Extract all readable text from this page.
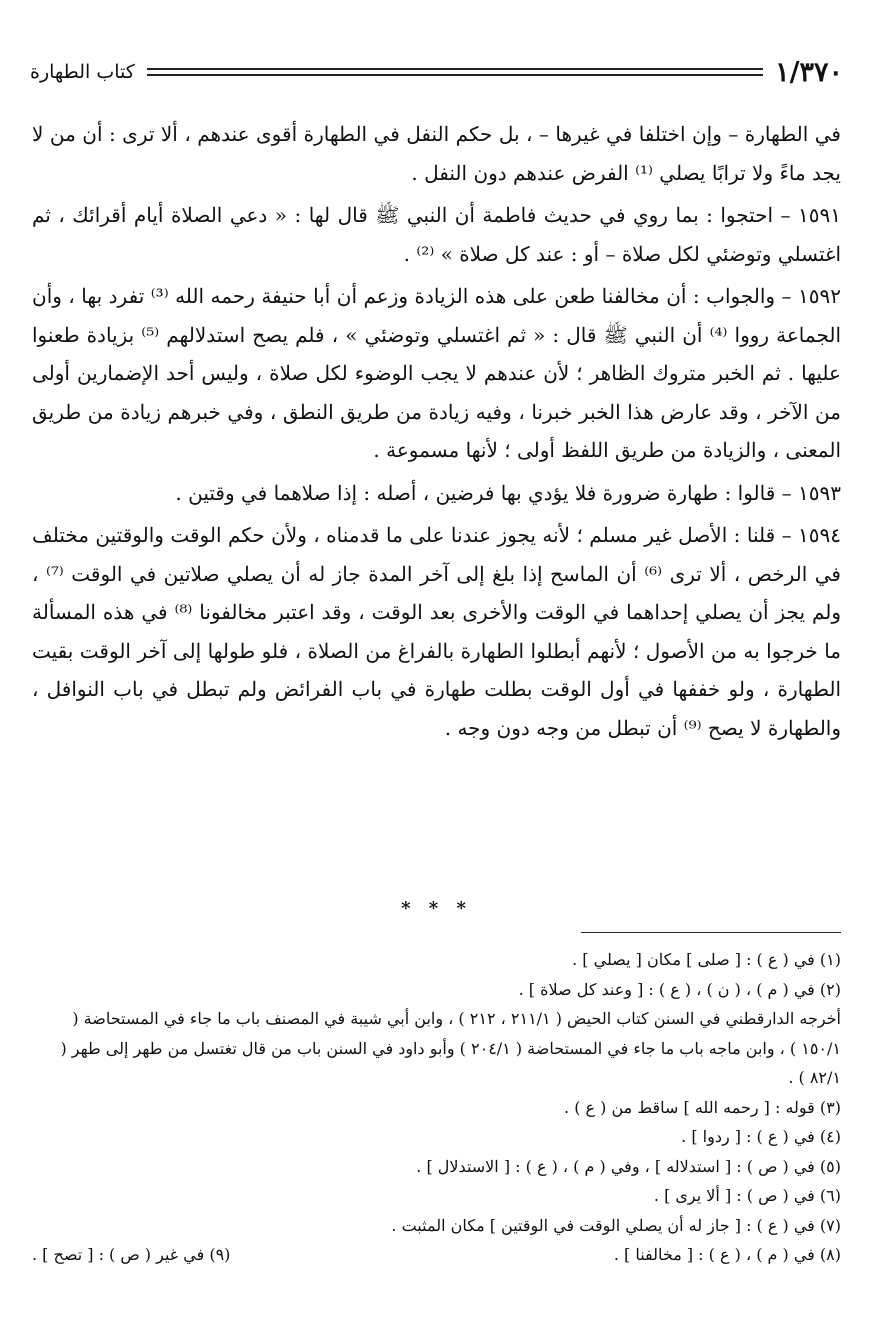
١/٣٧٠
كتاب الطهارة

في الطهارة – وإن اختلفا في غيرها – ، بل حكم النفل في الطهارة أقوى عندهم ، ألا ترى : أن من لا يجد ماءً ولا ترابًا يصلي ⁽¹⁾ الفرض عندهم دون النفل .

١٥٩١ – احتجوا : بما روي في حديث فاطمة أن النبي ﷺ قال لها : « دعي الصلاة أيام أقرائك ، ثم اغتسلي وتوضئي لكل صلاة – أو : عند كل صلاة » ⁽²⁾ .

١٥٩٢ – والجواب : أن مخالفنا طعن على هذه الزيادة وزعم أن أبا حنيفة رحمه الله ⁽³⁾ تفرد بها ، وأن الجماعة رووا ⁽⁴⁾ أن النبي ﷺ قال : « ثم اغتسلي وتوضئي » ، فلم يصح استدلالهم ⁽⁵⁾ بزيادة طعنوا عليها . ثم الخبر متروك الظاهر ؛ لأن عندهم لا يجب الوضوء لكل صلاة ، وليس أحد الإضمارين أولى من الآخر ، وقد عارض هذا الخبر خبرنا ، وفيه زيادة من طريق النطق ، وفي خبرهم زيادة من طريق المعنى ، والزيادة من طريق اللفظ أولى ؛ لأنها مسموعة .

١٥٩٣ – قالوا : طهارة ضرورة فلا يؤدي بها فرضين ، أصله : إذا صلاهما في وقتين .

١٥٩٤ – قلنا : الأصل غير مسلم ؛ لأنه يجوز عندنا على ما قدمناه ، ولأن حكم الوقت والوقتين مختلف في الرخص ، ألا ترى ⁽⁶⁾ أن الماسح إذا بلغ إلى آخر المدة جاز له أن يصلي صلاتين في الوقت ⁽⁷⁾ ، ولم يجز أن يصلي إحداهما في الوقت والأخرى بعد الوقت ، وقد اعتبر مخالفونا ⁽⁸⁾ في هذه المسألة ما خرجوا به من الأصول ؛ لأنهم أبطلوا الطهارة بالفراغ من الصلاة ، فلو طولها إلى آخر الوقت بقيت الطهارة ، ولو خففها في أول الوقت بطلت طهارة في باب الفرائض ولم تبطل في باب النوافل ، والطهارة لا يصح ⁽⁹⁾ أن تبطل من وجه دون وجه .

* * *
(١) في ( ع ) : [ صلى ] مكان [ يصلي ] .
(٢) في ( م ) ، ( ن ) ، ( ع ) : [ وعند كل صلاة ] .
أخرجه الدارقطني في السنن كتاب الحيض ( ٢١١/١ ، ٢١٢ ) ، وابن أبي شيبة في المصنف باب ما جاء في المستحاضة ( ١٥٠/١ ) ، وابن ماجه باب ما جاء في المستحاضة ( ٢٠٤/١ ) وأبو داود في السنن باب من قال تغتسل من طهر إلى طهر ( ٨٢/١ ) .
(٣) قوله : [ رحمه الله ] ساقط من ( ع ) .
(٤) في ( ع ) : [ ردوا ] .
(٥) في ( ص ) : [ استدلاله ] ، وفي ( م ) ، ( ع ) : [ الاستدلال ] .
(٦) في ( ص ) : [ ألا يرى ] .
(٧) في ( ع ) : [ جاز له أن يصلي الوقت في الوقتين ] مكان المثبت .
(٨) في ( م ) ، ( ع ) : [ مخالفنا ] .
(٩) في غير ( ص ) : [ تصح ] .
